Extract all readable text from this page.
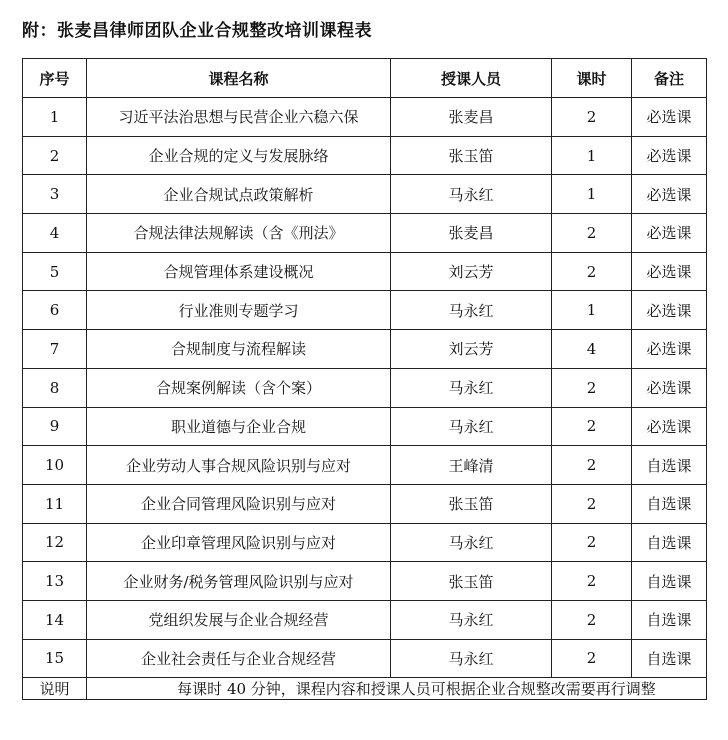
附：张麦昌律师团队企业合规整改培训课程表
序号	课程名称	授课人员	课时	备注
1	习近平法治思想与民营企业六稳六保	张麦昌	2	必选课
2	企业合规的定义与发展脉络	张玉笛	1	必选课
3	企业合规试点政策解析	马永红	1	必选课
4	合规法律法规解读（含《刑法》	张麦昌	2	必选课
5	合规管理体系建设概况	刘云芳	2	必选课
6	行业准则专题学习	马永红	1	必选课
7	合规制度与流程解读	刘云芳	4	必选课
8	合规案例解读（含个案）	马永红	2	必选课
9	职业道德与企业合规	马永红	2	必选课
10	企业劳动人事合规风险识别与应对	王峰清	2	自选课
11	企业合同管理风险识别与应对	张玉笛	2	自选课
12	企业印章管理风险识别与应对	马永红	2	自选课
13	企业财务/税务管理风险识别与应对	张玉笛	2	自选课
14	党组织发展与企业合规经营	马永红	2	自选课
15	企业社会责任与企业合规经营	马永红	2	自选课
说明	每课时 40 分钟，课程内容和授课人员可根据企业合规整改需要再行调整			
